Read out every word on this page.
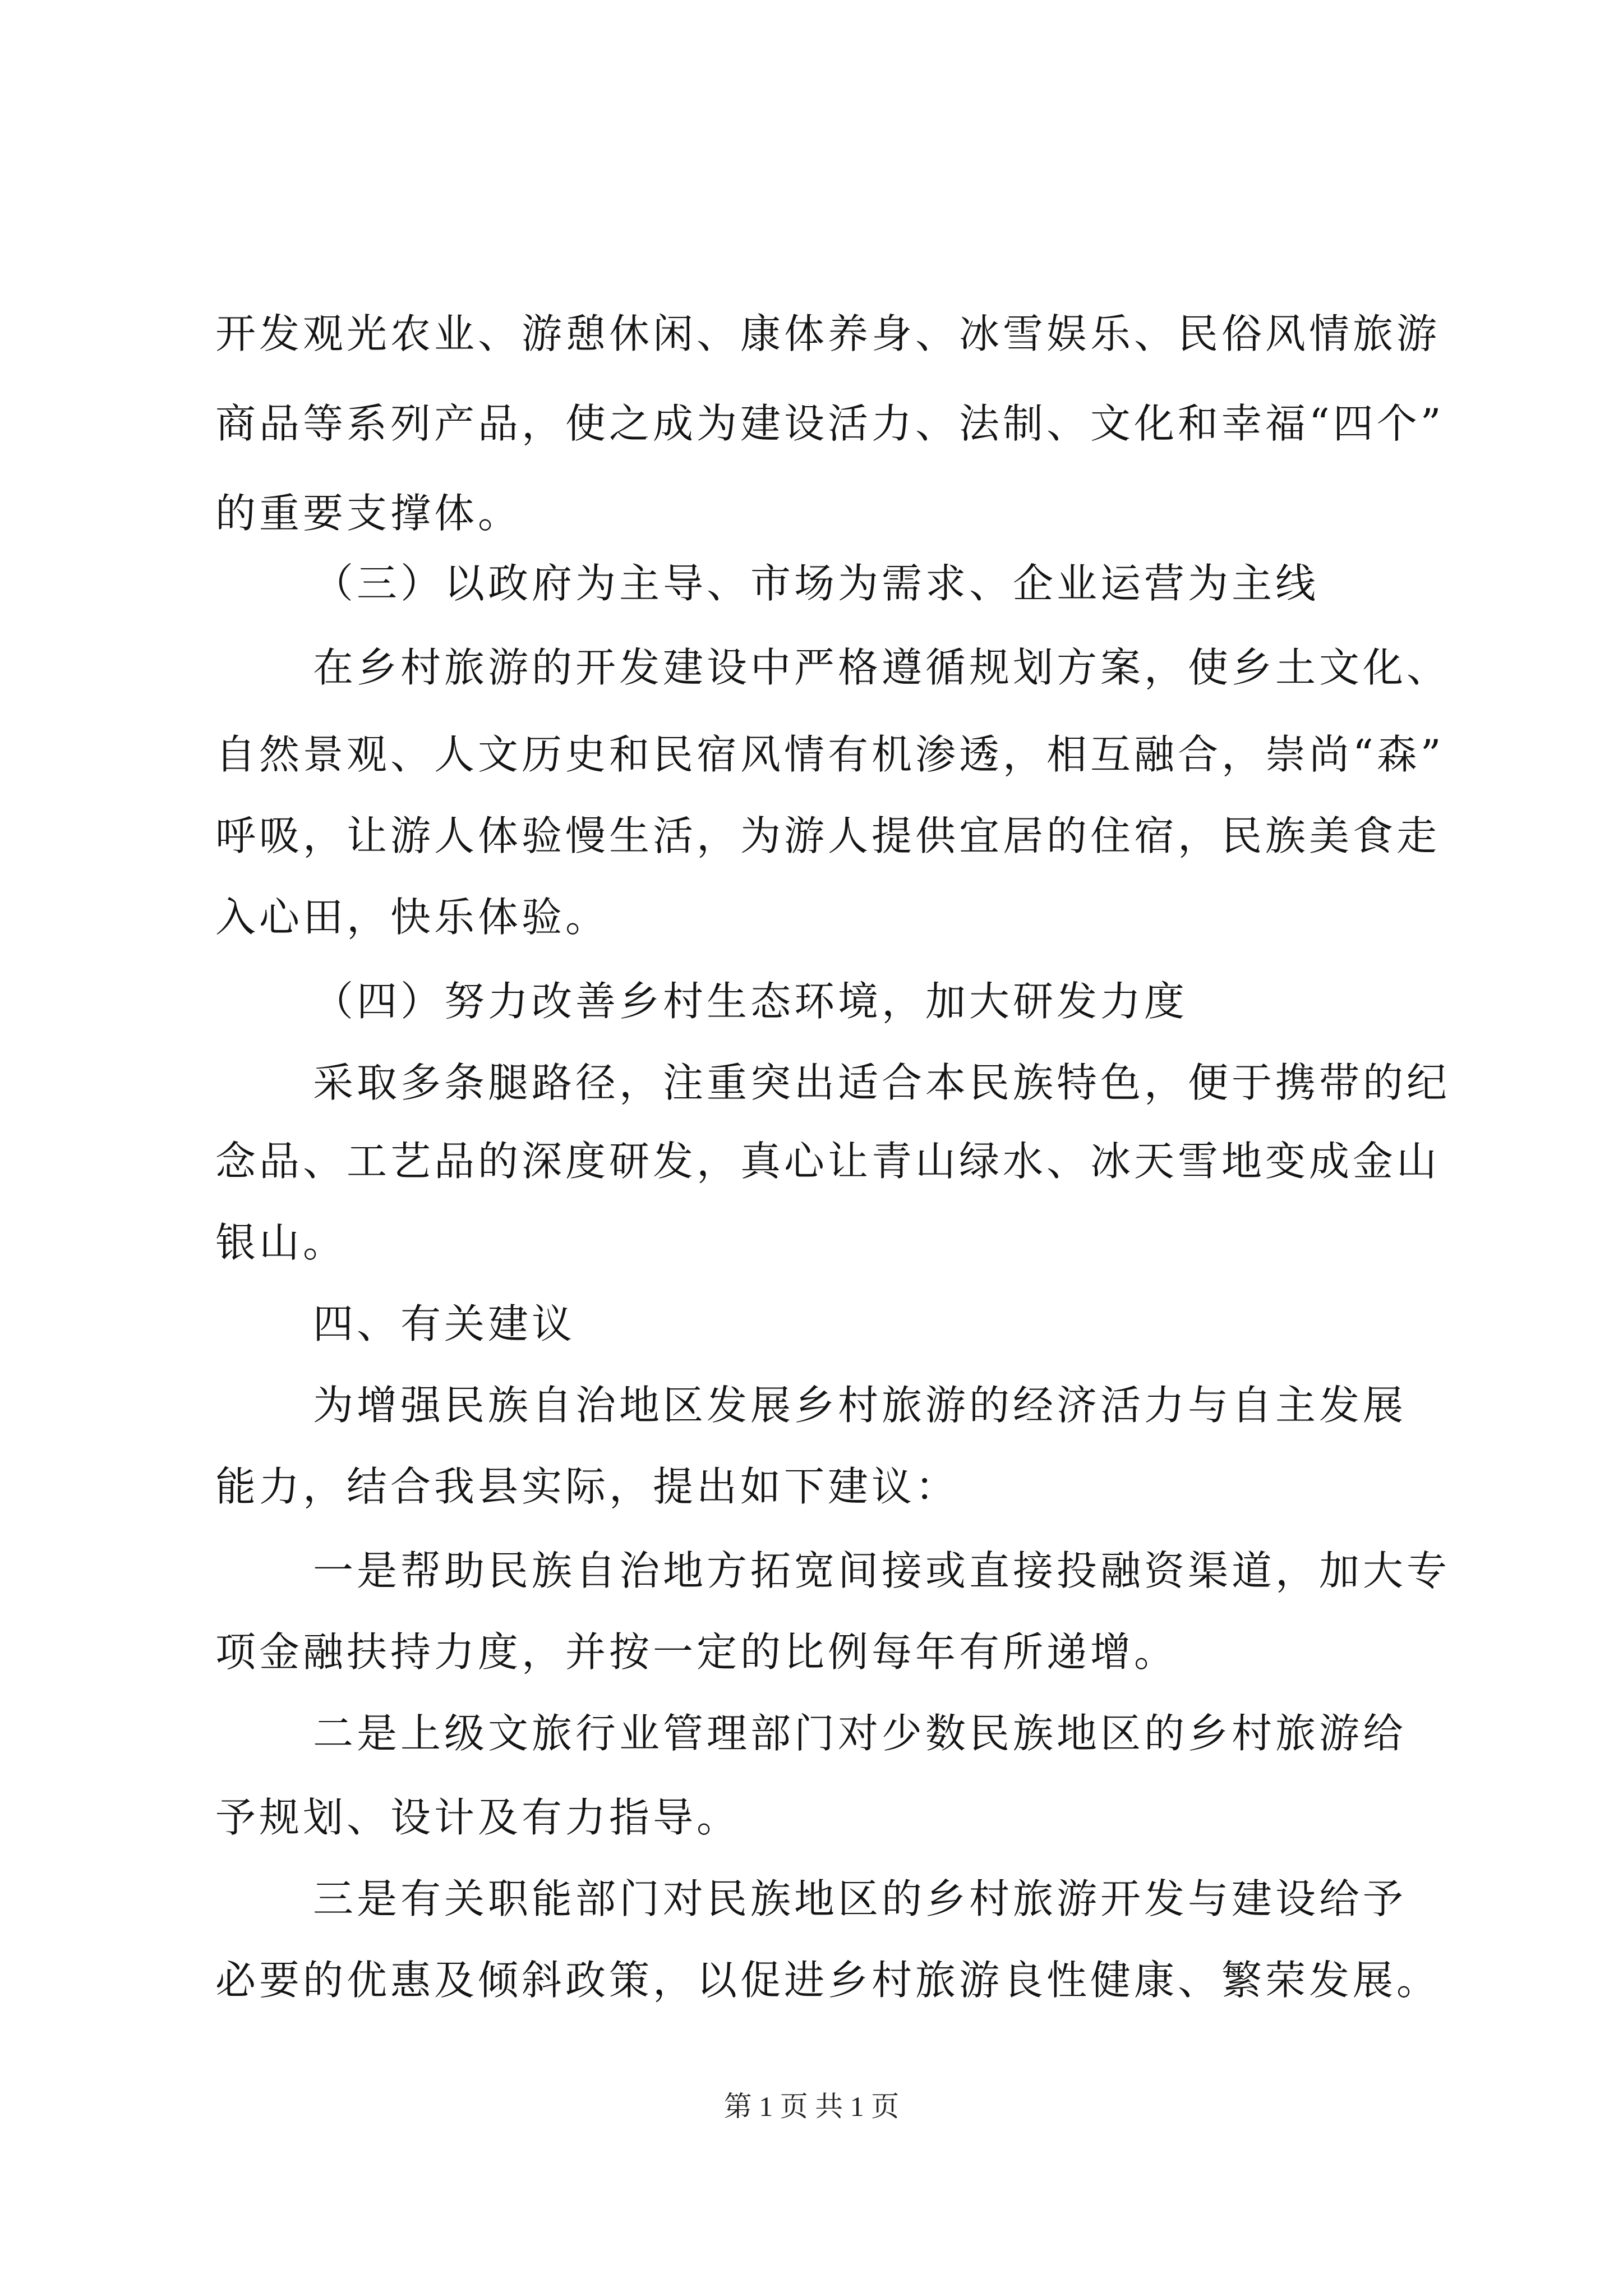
开发观光农业、游憩休闲、康体养身、冰雪娱乐、民俗风情旅游
商品等系列产品，使之成为建设活力、法制、文化和幸福“四个”
的重要支撑体。
（三）以政府为主导、市场为需求、企业运营为主线
在乡村旅游的开发建设中严格遵循规划方案，使乡土文化、
自然景观、人文历史和民宿风情有机渗透，相互融合，崇尚“森”
呼吸，让游人体验慢生活，为游人提供宜居的住宿，民族美食走
入心田，快乐体验。
（四）努力改善乡村生态环境，加大研发力度
采取多条腿路径，注重突出适合本民族特色，便于携带的纪
念品、工艺品的深度研发，真心让青山绿水、冰天雪地变成金山
银山。
四、有关建议
为增强民族自治地区发展乡村旅游的经济活力与自主发展
能力，结合我县实际，提出如下建议：
一是帮助民族自治地方拓宽间接或直接投融资渠道，加大专
项金融扶持力度，并按一定的比例每年有所递增。
二是上级文旅行业管理部门对少数民族地区的乡村旅游给
予规划、设计及有力指导。
三是有关职能部门对民族地区的乡村旅游开发与建设给予
必要的优惠及倾斜政策，以促进乡村旅游良性健康、繁荣发展。
第 1 页 共 1 页
